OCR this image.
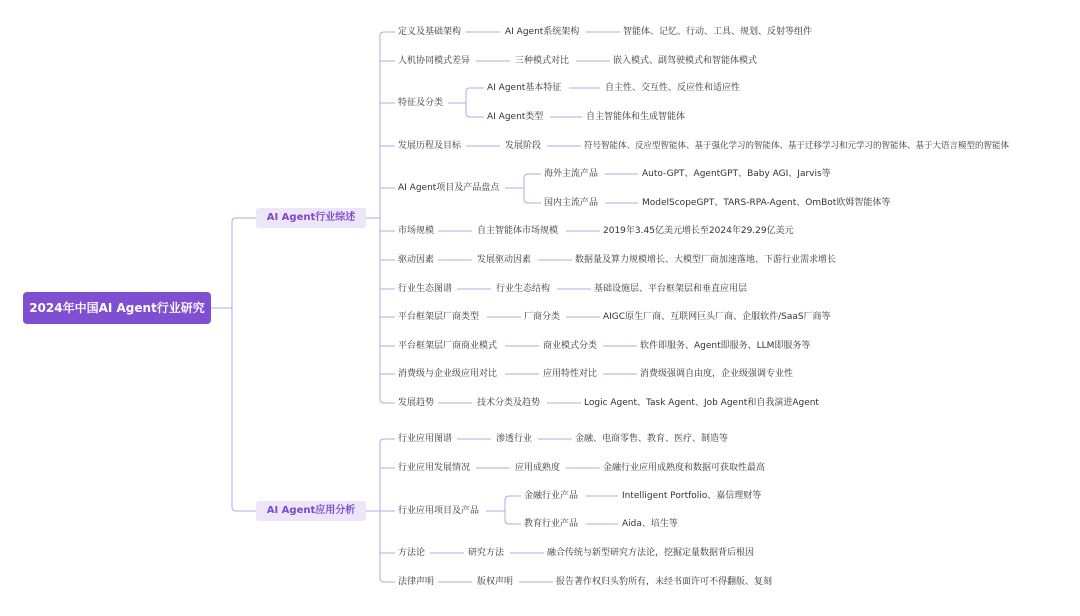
2024年中国AI Agent行业研究
AI Agent行业综述
AI Agent应用分析
定义及基础架构	AI Agent系统架构	智能体、记忆、行动、工具、规划、反射等组件
人机协同模式差异	三种模式对比	嵌入模式、副驾驶模式和智能体模式
特征及分类
AI Agent基本特征	自主性、交互性、反应性和适应性
AI Agent类型	自主智能体和生成智能体
发展历程及目标	发展阶段	符号智能体、反应型智能体、基于强化学习的智能体、基于迁移学习和元学习的智能体、基于大语言模型的智能体
AI Agent项目及产品盘点
海外主流产品	Auto-GPT、AgentGPT、Baby AGI、Jarvis等
国内主流产品	ModelScopeGPT、TARS-RPA-Agent、OmBot欧姆智能体等
市场规模	自主智能体市场规模	2019年3.45亿美元增长至2024年29.29亿美元
驱动因素	发展驱动因素	数据量及算力规模增长、大模型厂商加速落地、下游行业需求增长
行业生态图谱	行业生态结构	基础设施层、平台框架层和垂直应用层
平台框架层厂商类型	厂商分类	AIGC原生厂商、互联网巨头厂商、企服软件/SaaS厂商等
平台框架层厂商商业模式	商业模式分类	软件即服务、Agent即服务、LLM即服务等
消费级与企业级应用对比	应用特性对比	消费级强调自由度，企业级强调专业性
发展趋势	技术分类及趋势	Logic Agent、Task Agent、Job Agent和自我演进Agent
行业应用图谱	渗透行业	金融、电商零售、教育、医疗、制造等
行业应用发展情况	应用成熟度	金融行业应用成熟度和数据可获取性最高
行业应用项目及产品
金融行业产品	Intelligent Portfolio、嘉信理财等
教育行业产品	Aida、培生等
方法论	研究方法	融合传统与新型研究方法论，挖掘定量数据背后根因
法律声明	版权声明	报告著作权归头豹所有，未经书面许可不得翻版、复刻
